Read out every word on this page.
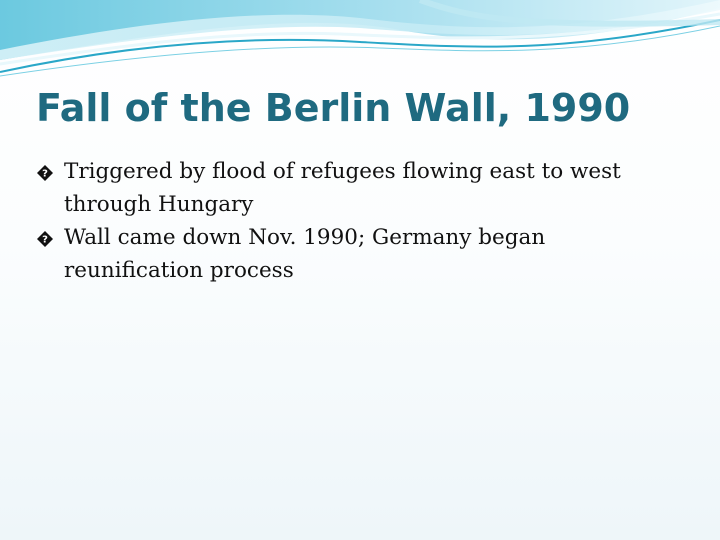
Fall of the Berlin Wall, 1990
? Triggered by flood of refugees flowing east to west through Hungary
? Wall came down Nov. 1990; Germany began reunification process
